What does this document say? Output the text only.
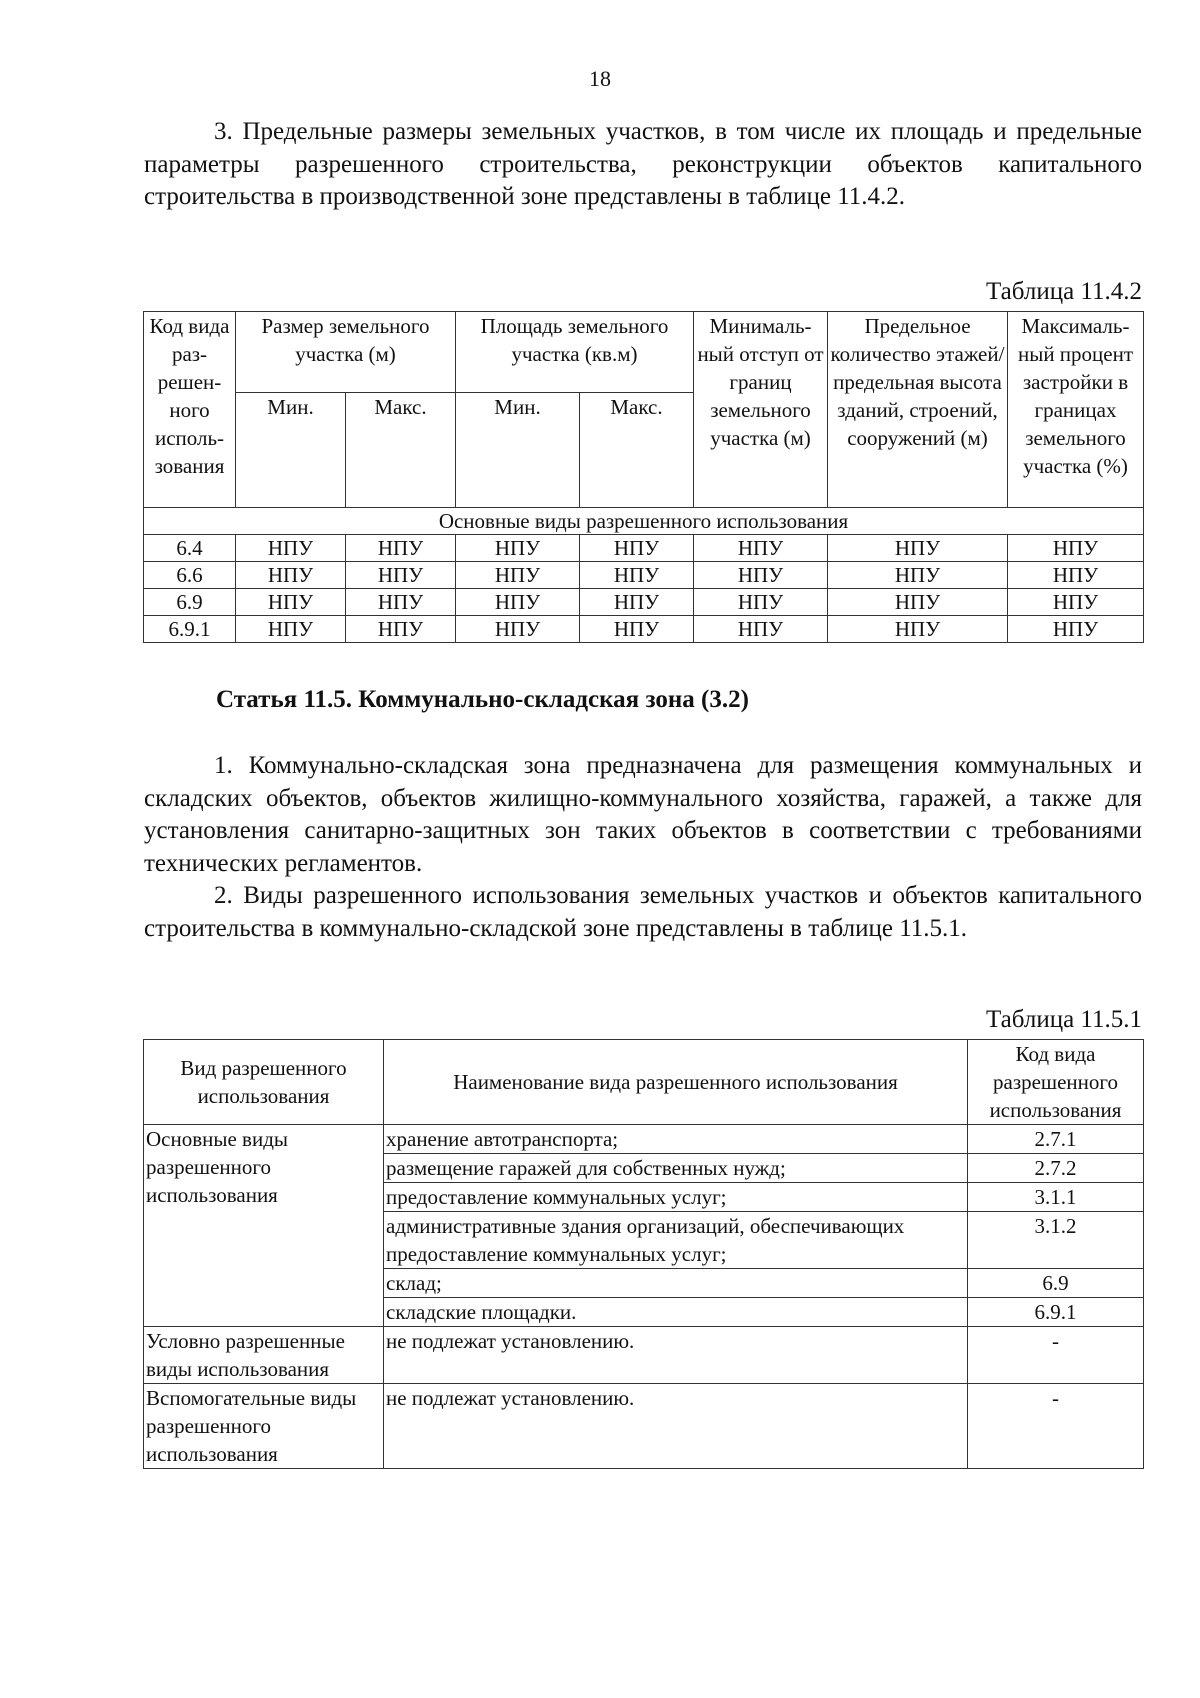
18

3. Предельные размеры земельных участков, в том числе их площадь и предельные параметры разрешенного строительства, реконструкции объектов капитального строительства в производственной зоне представлены в таблице 11.4.2.

Таблица 11.4.2
Код вида раз- решен- ного исполь- зования	Размер земельного участка (м)		Площадь земельного участка (кв.м)		Минималь- ный отступ от границ земельного участка (м)	Предельное количество этажей/ предельная высота зданий, строений, сооружений (м)	Максималь- ный процент застройки в границах земельного участка (%)
	Мин.	Макс.	Мин.	Макс.			
Основные виды разрешенного использования							
6.4	НПУ	НПУ	НПУ	НПУ	НПУ	НПУ	НПУ
6.6	НПУ	НПУ	НПУ	НПУ	НПУ	НПУ	НПУ
6.9	НПУ	НПУ	НПУ	НПУ	НПУ	НПУ	НПУ
6.9.1	НПУ	НПУ	НПУ	НПУ	НПУ	НПУ	НПУ
Статья 11.5. Коммунально-складская зона (3.2)

1. Коммунально-складская зона предназначена для размещения коммунальных и складских объектов, объектов жилищно-коммунального хозяйства, гаражей, а также для установления санитарно-защитных зон таких объектов в соответствии с требованиями технических регламентов.

2. Виды разрешенного использования земельных участков и объектов капитального строительства в коммунально-складской зоне представлены в таблице 11.5.1.

Таблица 11.5.1
Вид разрешенного использования	Наименование вида разрешенного использования	Код вида разрешенного использования
Основные виды разрешенного использования	хранение автотранспорта;	2.7.1
	размещение гаражей для собственных нужд;	2.7.2
	предоставление коммунальных услуг;	3.1.1
	административные здания организаций, обеспечивающих предоставление коммунальных услуг;	3.1.2
	склад;	6.9
	складские площадки.	6.9.1
Условно разрешенные виды использования	не подлежат установлению.	-
Вспомогательные виды разрешенного использования	не подлежат установлению.	-
